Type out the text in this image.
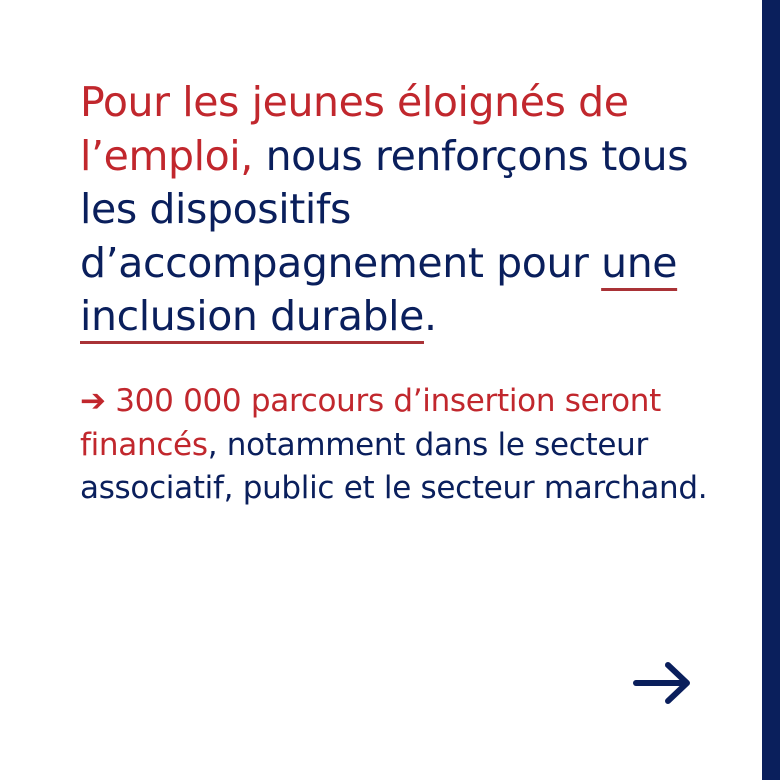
Pour les jeunes éloignés de l’emploi, nous renforçons tous les dispositifs d’accompagnement pour une inclusion durable.

➔ 300 000 parcours d’insertion seront financés, notamment dans le secteur associatif, public et le secteur marchand.
